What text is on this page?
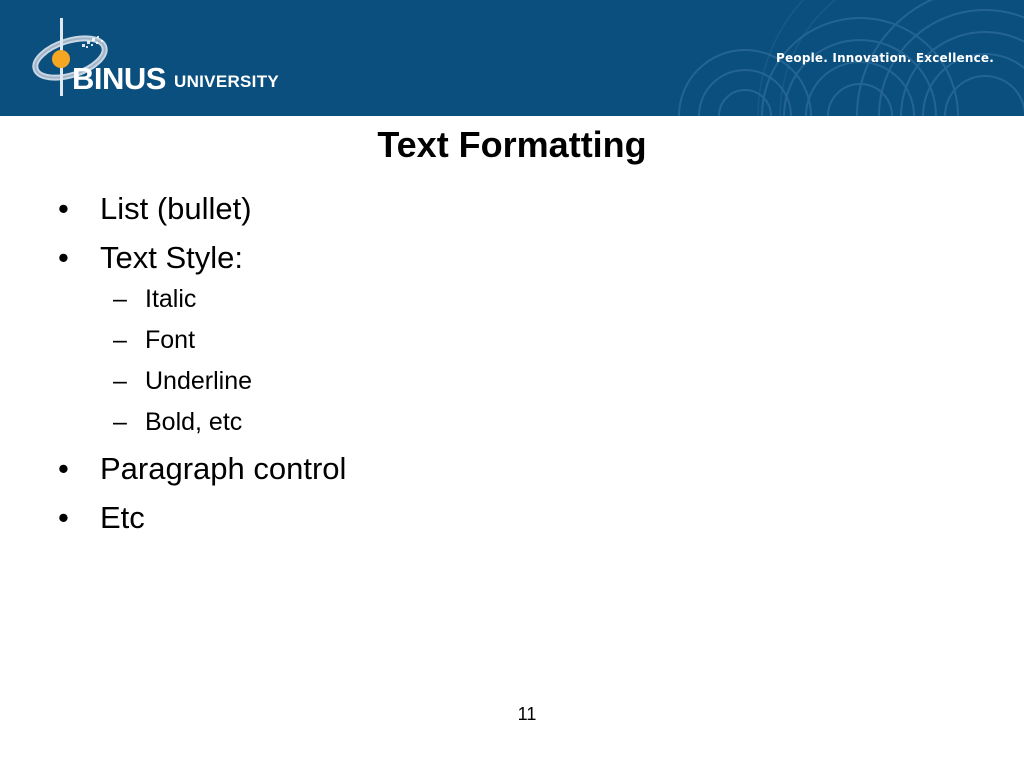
BINUS UNIVERSITY
People. Innovation. Excellence.
Text Formatting
• List (bullet)
• Text Style:
– Italic
– Font
– Underline
– Bold, etc
• Paragraph control
• Etc
11
